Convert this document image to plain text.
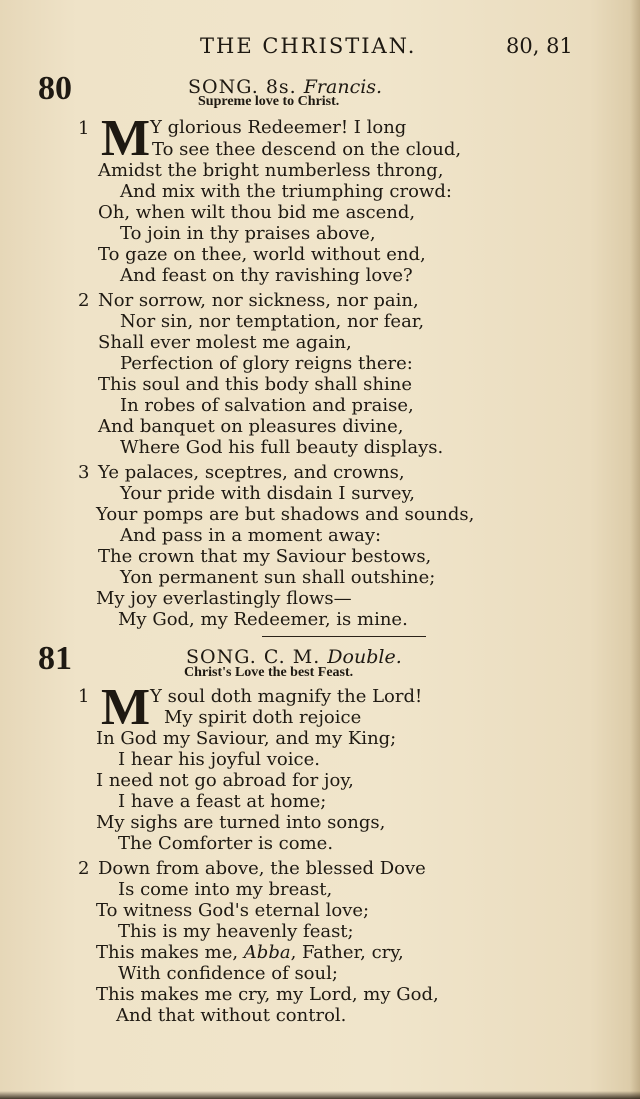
THE CHRISTIAN.	80, 81
80	SONG. 8s. Francis.
Supreme love to Christ.
1 M Y glorious Redeemer! I long
To see thee descend on the cloud,
Amidst the bright numberless throng,
And mix with the triumphing crowd:
Oh, when wilt thou bid me ascend,
To join in thy praises above,
To gaze on thee, world without end,
And feast on thy ravishing love?
2 Nor sorrow, nor sickness, nor pain,
Nor sin, nor temptation, nor fear,
Shall ever molest me again,
Perfection of glory reigns there:
This soul and this body shall shine
In robes of salvation and praise,
And banquet on pleasures divine,
Where God his full beauty displays.
3 Ye palaces, sceptres, and crowns,
Your pride with disdain I survey,
Your pomps are but shadows and sounds,
And pass in a moment away:
The crown that my Saviour bestows,
Yon permanent sun shall outshine;
My joy everlastingly flows—
My God, my Redeemer, is mine.
81	SONG. C. M. Double.
Christ's Love the best Feast.
1 M Y soul doth magnify the Lord!
My spirit doth rejoice
In God my Saviour, and my King;
I hear his joyful voice.
I need not go abroad for joy,
I have a feast at home;
My sighs are turned into songs,
The Comforter is come.
2 Down from above, the blessed Dove
Is come into my breast,
To witness God's eternal love;
This is my heavenly feast;
This makes me, Abba, Father, cry,
With confidence of soul;
This makes me cry, my Lord, my God,
And that without control.
